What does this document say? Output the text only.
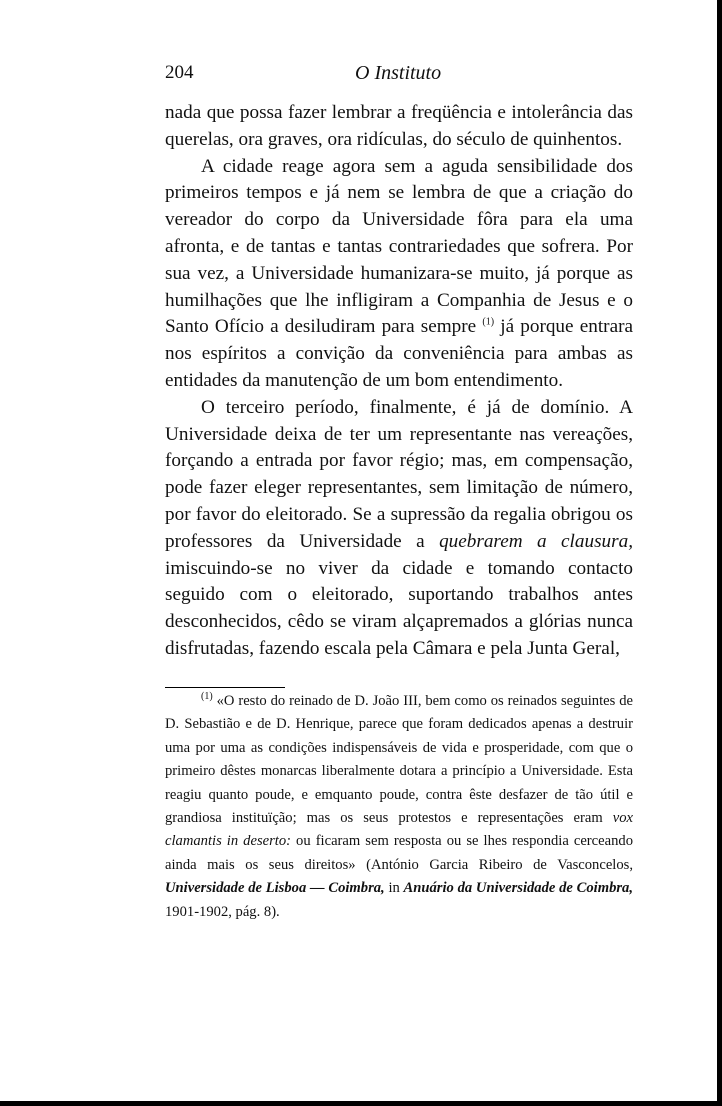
204	O Instituto

nada que possa fazer lembrar a freqüência e intolerância das querelas, ora graves, ora ridículas, do século de quinhentos.

A cidade reage agora sem a aguda sensibilidade dos primeiros tempos e já nem se lembra de que a criação do vereador do corpo da Universidade fôra para ela uma afronta, e de tantas e tantas contrariedades que sofrera. Por sua vez, a Universidade humanizara-se muito, já porque as humilhações que lhe infligiram a Companhia de Jesus e o Santo Ofício a desiludiram para sempre $^{(1)}$ já porque entrara nos espíritos a convição da conveniência para ambas as entidades da manutenção de um bom entendimento.

O terceiro período, finalmente, é já de domínio. A Universidade deixa de ter um representante nas vereações, forçando a entrada por favor régio; mas, em compensação, pode fazer eleger representantes, sem limitação de número, por favor do eleitorado. Se a supressão da regalia obrigou os professores da Universidade a quebrarem a clausura, imiscuindo-se no viver da cidade e tomando contacto seguido com o eleitorado, suportando trabalhos antes desconhecidos, cêdo se viram alçapremados a glórias nunca disfrutadas, fazendo escala pela Câmara e pela Junta Geral,

$^{(1)}$ «O resto do reinado de D. João III, bem como os reinados seguintes de D. Sebastião e de D. Henrique, parece que foram dedicados apenas a destruir uma por uma as condições indispensáveis de vida e prosperidade, com que o primeiro dêstes monarcas liberalmente dotara a princípio a Universidade. Esta reagiu quanto poude, e emquanto poude, contra êste desfazer de tão útil e grandiosa instituïção; mas os seus protestos e representações eram vox clamantis in deserto: ou ficaram sem resposta ou se lhes respondia cerceando ainda mais os seus direitos» (António Garcia Ribeiro de Vasconcelos, Universidade de Lisboa — Coimbra, in Anuário da Universidade de Coimbra, 1901-1902, pág. 8).
